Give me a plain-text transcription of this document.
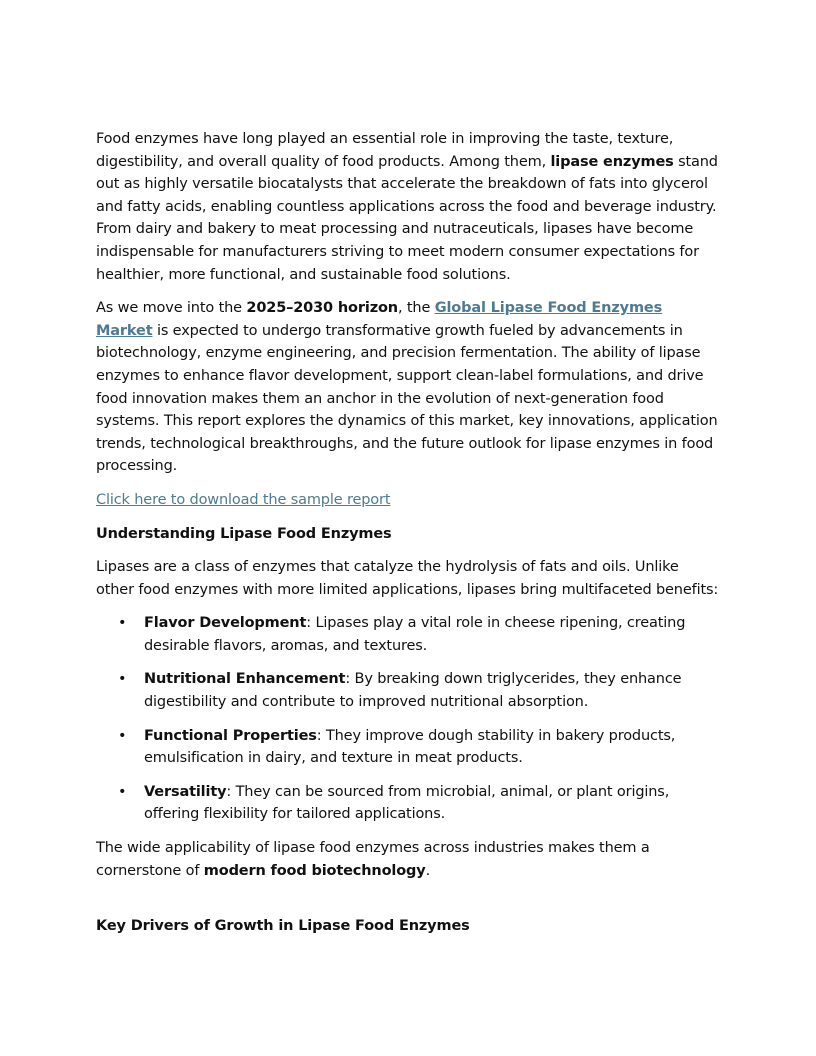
Food enzymes have long played an essential role in improving the taste, texture, digestibility, and overall quality of food products. Among them, lipase enzymes stand out as highly versatile biocatalysts that accelerate the breakdown of fats into glycerol and fatty acids, enabling countless applications across the food and beverage industry. From dairy and bakery to meat processing and nutraceuticals, lipases have become indispensable for manufacturers striving to meet modern consumer expectations for healthier, more functional, and sustainable food solutions.

As we move into the 2025–2030 horizon, the Global Lipase Food Enzymes Market is expected to undergo transformative growth fueled by advancements in biotechnology, enzyme engineering, and precision fermentation. The ability of lipase enzymes to enhance flavor development, support clean-label formulations, and drive food innovation makes them an anchor in the evolution of next-generation food systems. This report explores the dynamics of this market, key innovations, application trends, technological breakthroughs, and the future outlook for lipase enzymes in food processing.

Click here to download the sample report

Understanding Lipase Food Enzymes

Lipases are a class of enzymes that catalyze the hydrolysis of fats and oils. Unlike other food enzymes with more limited applications, lipases bring multifaceted benefits:

• Flavor Development: Lipases play a vital role in cheese ripening, creating desirable flavors, aromas, and textures.
• Nutritional Enhancement: By breaking down triglycerides, they enhance digestibility and contribute to improved nutritional absorption.
• Functional Properties: They improve dough stability in bakery products, emulsification in dairy, and texture in meat products.
• Versatility: They can be sourced from microbial, animal, or plant origins, offering flexibility for tailored applications.

The wide applicability of lipase food enzymes across industries makes them a cornerstone of modern food biotechnology.

Key Drivers of Growth in Lipase Food Enzymes
